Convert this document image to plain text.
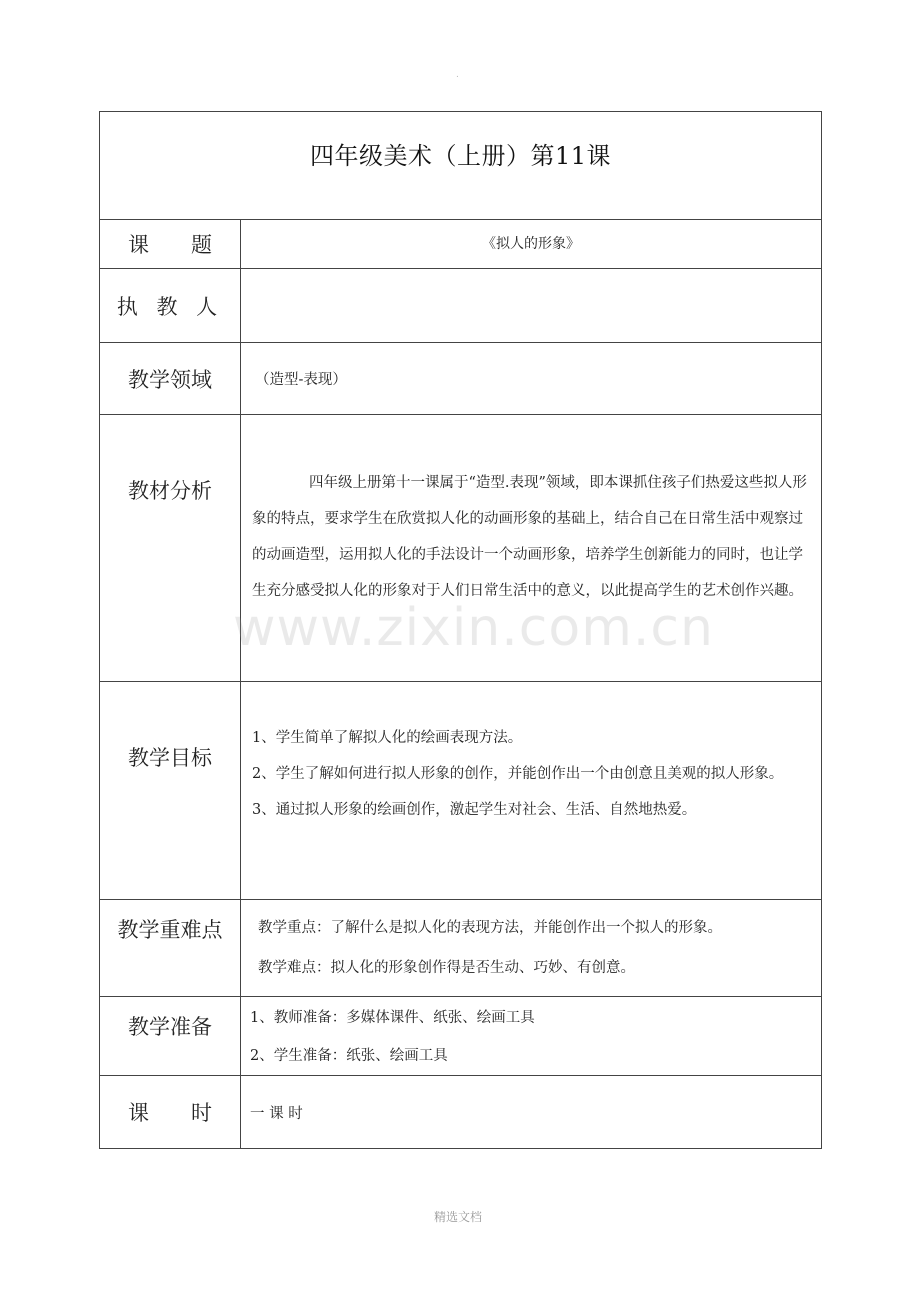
.
四年级美术（上册）第11课	

课　　题	《拟人的形象》

执 教 人	
教学领域	（造型-表现）

教材分析	四年级上册第十一课属于“造型.表现”领域，即本课抓住孩子们热爱这些拟人形象的特点，要求学生在欣赏拟人化的动画形象的基础上，结合自己在日常生活中观察过的动画造型，运用拟人化的手法设计一个动画形象，培养学生创新能力的同时，也让学生充分感受拟人化的形象对于人们日常生活中的意义，以此提高学生的艺术创作兴趣。

教学目标	1、学生简单了解拟人化的绘画表现方法。

2、学生了解如何进行拟人形象的创作，并能创作出一个由创意且美观的拟人形象。

3、通过拟人形象的绘画创作，激起学生对社会、生活、自然地热爱。

教学重难点	教学重点：了解什么是拟人化的表现方法，并能创作出一个拟人的形象。

教学难点：拟人化的形象创作得是否生动、巧妙、有创意。

教学准备	1、教师准备：多媒体课件、纸张、绘画工具

2、学生准备：纸张、绘画工具

课　　时	一 课 时
www.zixin.com.cn
精选文档
